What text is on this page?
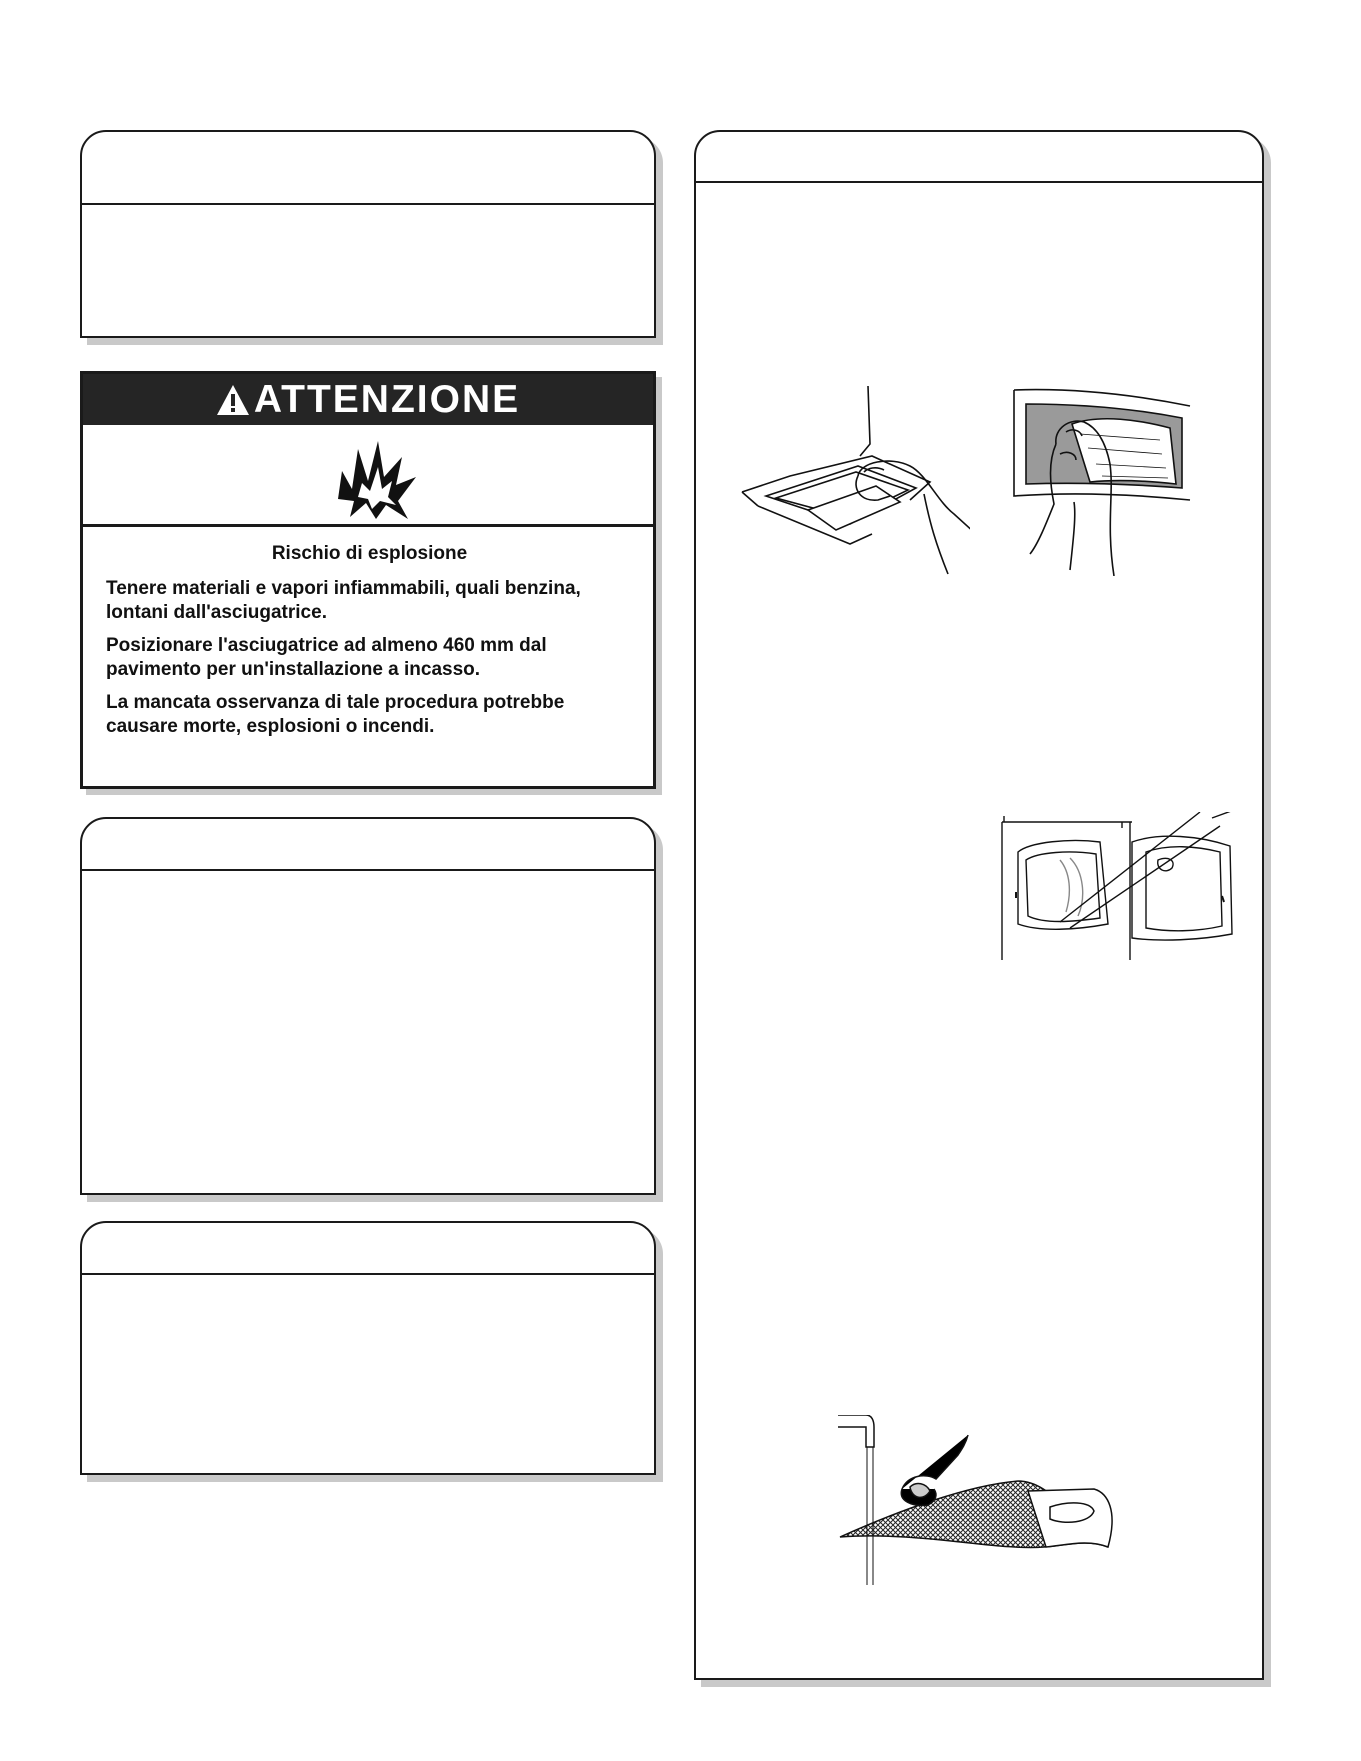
ATTENZIONE

Rischio di esplosione

Tenere materiali e vapori infiammabili, quali benzina, lontani dall'asciugatrice.

Posizionare l'asciugatrice ad almeno 460 mm dal pavimento per un'installazione a incasso.

La mancata osservanza di tale procedura potrebbe causare morte, esplosioni o incendi.
